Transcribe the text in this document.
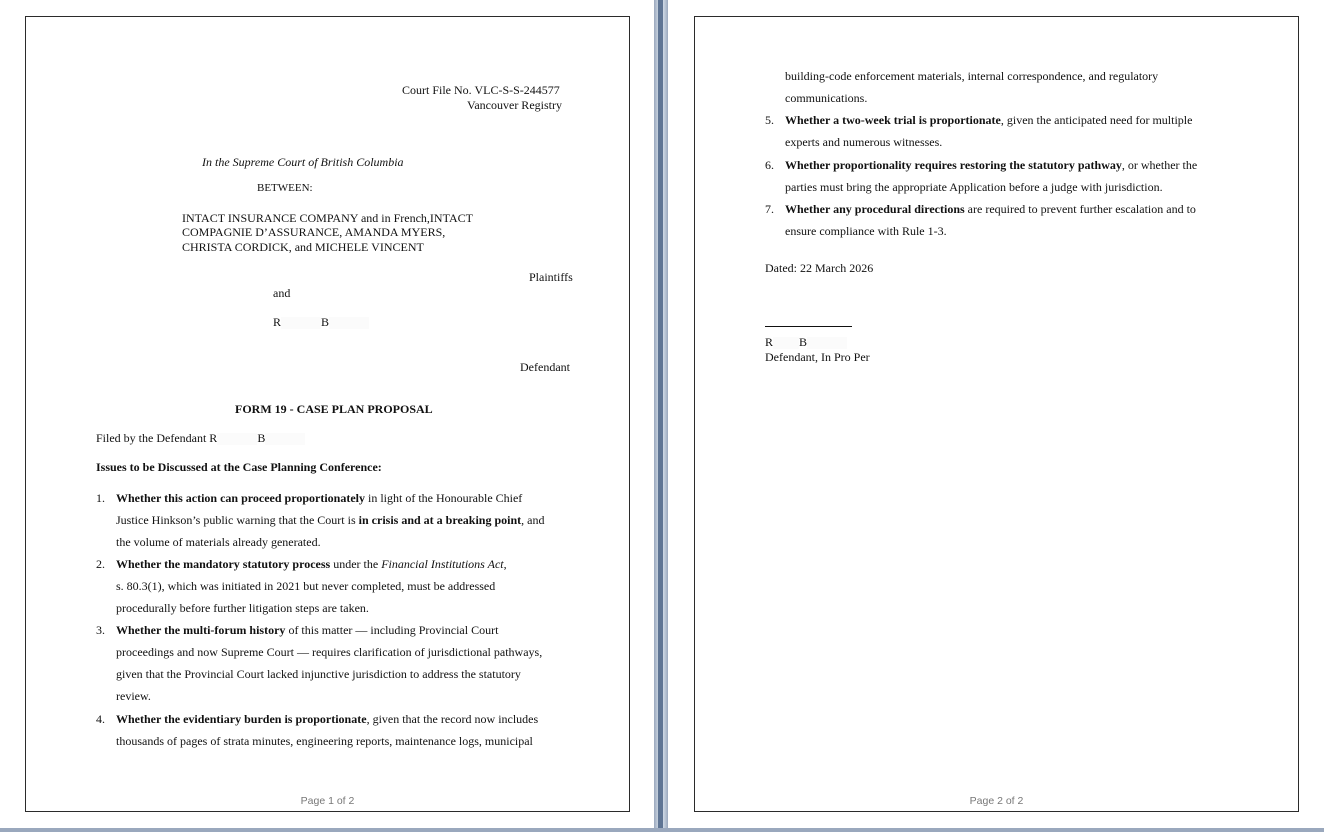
Court File No. VLC-S-S-244577
Vancouver Registry
In the Supreme Court of British Columbia
BETWEEN:
INTACT INSURANCE COMPANY and in French,INTACT
COMPAGNIE D’ASSURANCE, AMANDA MYERS,
CHRISTA CORDICK, and MICHELE VINCENT
Plaintiffs
and
R	B
Defendant
FORM 19 - CASE PLAN PROPOSAL
Filed by the Defendant R	B
Issues to be Discussed at the Case Planning Conference:
1. Whether this action can proceed proportionately in light of the Honourable Chief
Justice Hinkson’s public warning that the Court is in crisis and at a breaking point, and
the volume of materials already generated.
2. Whether the mandatory statutory process under the Financial Institutions Act,
s. 80.3(1), which was initiated in 2021 but never completed, must be addressed
procedurally before further litigation steps are taken.
3. Whether the multi-forum history of this matter — including Provincial Court
proceedings and now Supreme Court — requires clarification of jurisdictional pathways,
given that the Provincial Court lacked injunctive jurisdiction to address the statutory
review.
4. Whether the evidentiary burden is proportionate, given that the record now includes
thousands of pages of strata minutes, engineering reports, maintenance logs, municipal
Page 1 of 2
building-code enforcement materials, internal correspondence, and regulatory
communications.
5. Whether a two-week trial is proportionate, given the anticipated need for multiple
experts and numerous witnesses.
6. Whether proportionality requires restoring the statutory pathway, or whether the
parties must bring the appropriate Application before a judge with jurisdiction.
7. Whether any procedural directions are required to prevent further escalation and to
ensure compliance with Rule 1-3.
Dated: 22 March 2026
R B
Defendant, In Pro Per
Page 2 of 2
